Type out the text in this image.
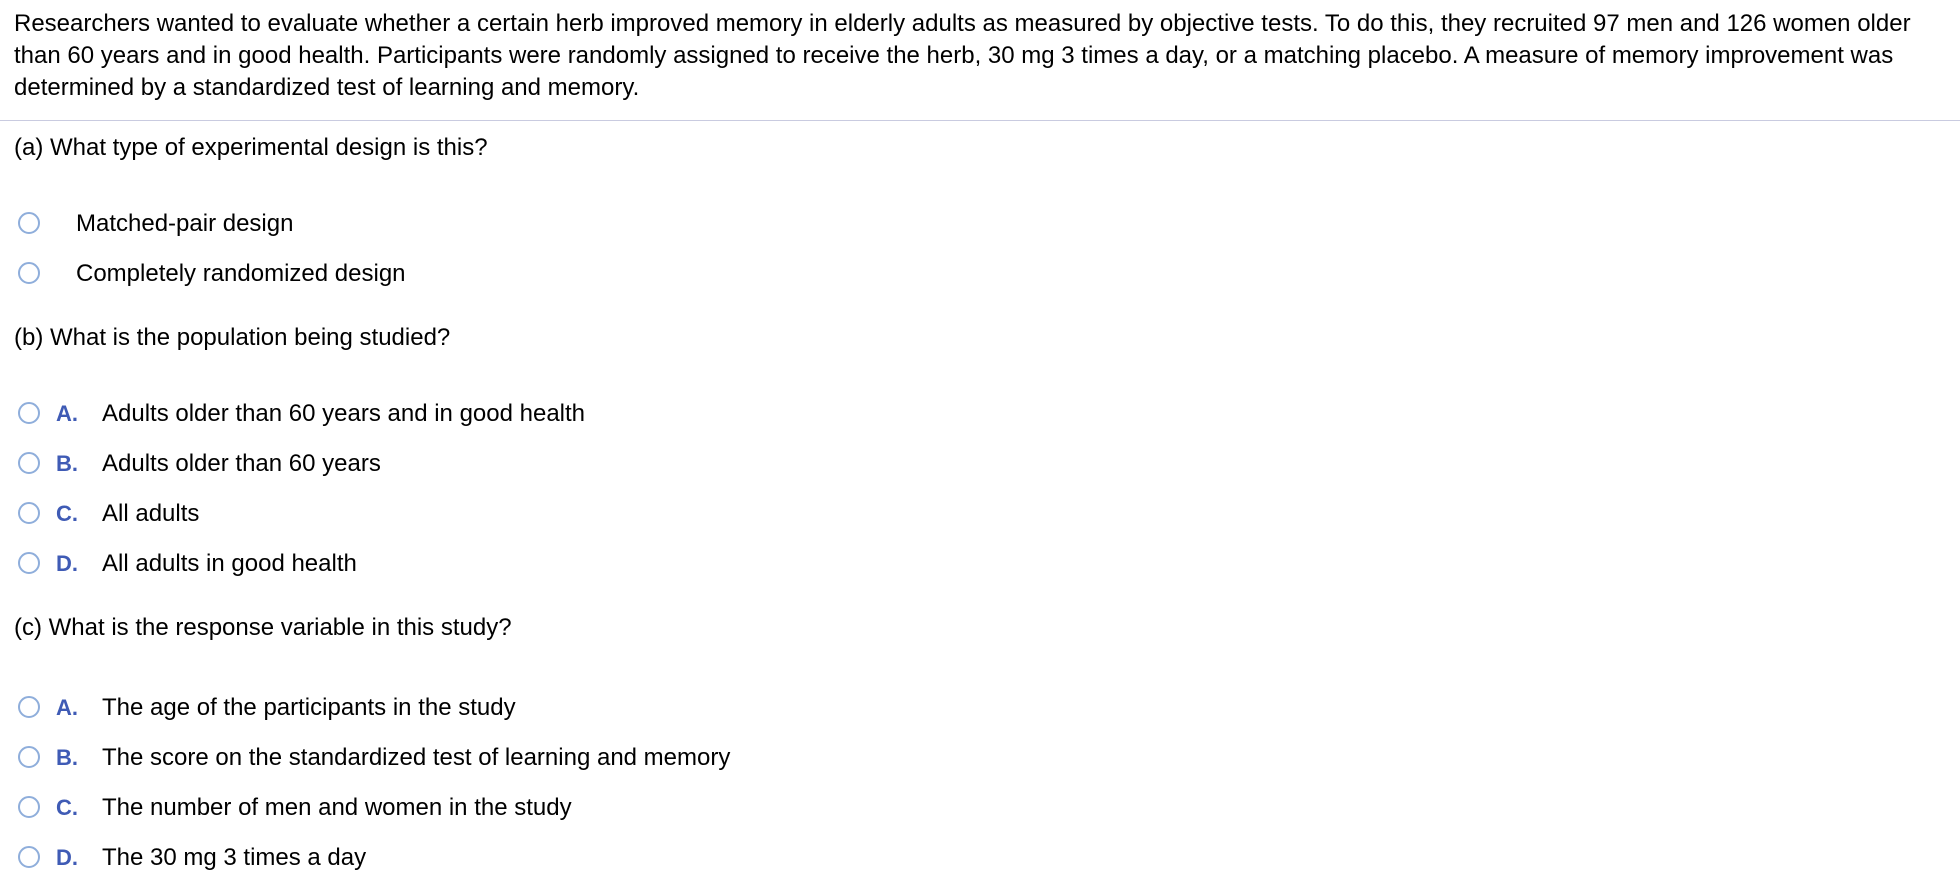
Researchers wanted to evaluate whether a certain herb improved memory in elderly adults as measured by objective tests. To do this, they recruited 97 men and 126 women older than 60 years and in good health. Participants were randomly assigned to receive the herb, 30 mg 3 times a day, or a matching placebo. A measure of memory improvement was determined by a standardized test of learning and memory.
(a) What type of experimental design is this?
Matched-pair design
Completely randomized design
(b) What is the population being studied?
A. Adults older than 60 years and in good health
B. Adults older than 60 years
C. All adults
D. All adults in good health
(c) What is the response variable in this study?
A. The age of the participants in the study
B. The score on the standardized test of learning and memory
C. The number of men and women in the study
D. The 30 mg 3 times a day
